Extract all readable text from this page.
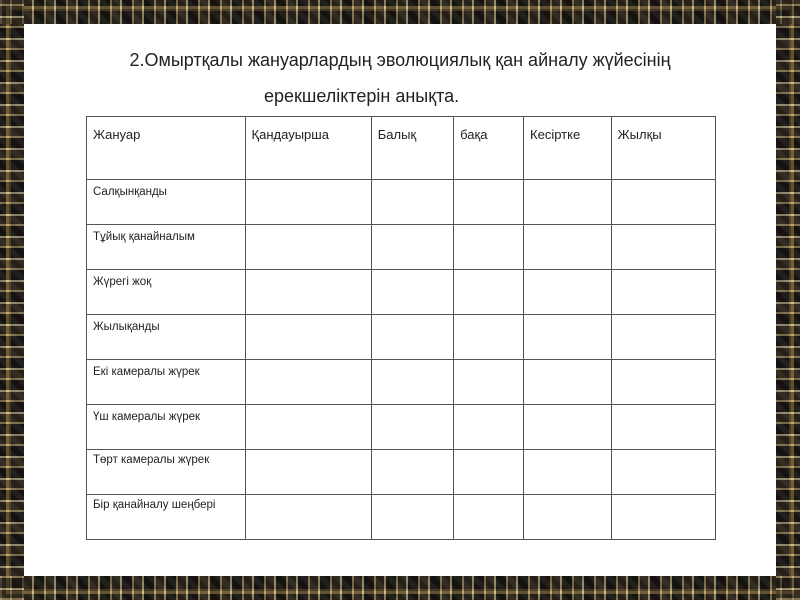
2.Омыртқалы жануарлардың эволюциялық қан айналу жүйесінің
ерекшеліктерін анықта.
Жануар	Қандауырша	Балық	бақа	Кесіртке	Жылқы
Салқынқанды					
Тұйық қанайналым					
Жүрегі жоқ					
Жылықанды					
Екі камералы жүрек					
Үш камералы жүрек					
Төрт камералы жүрек					
Бір қанайналу шеңбері					
